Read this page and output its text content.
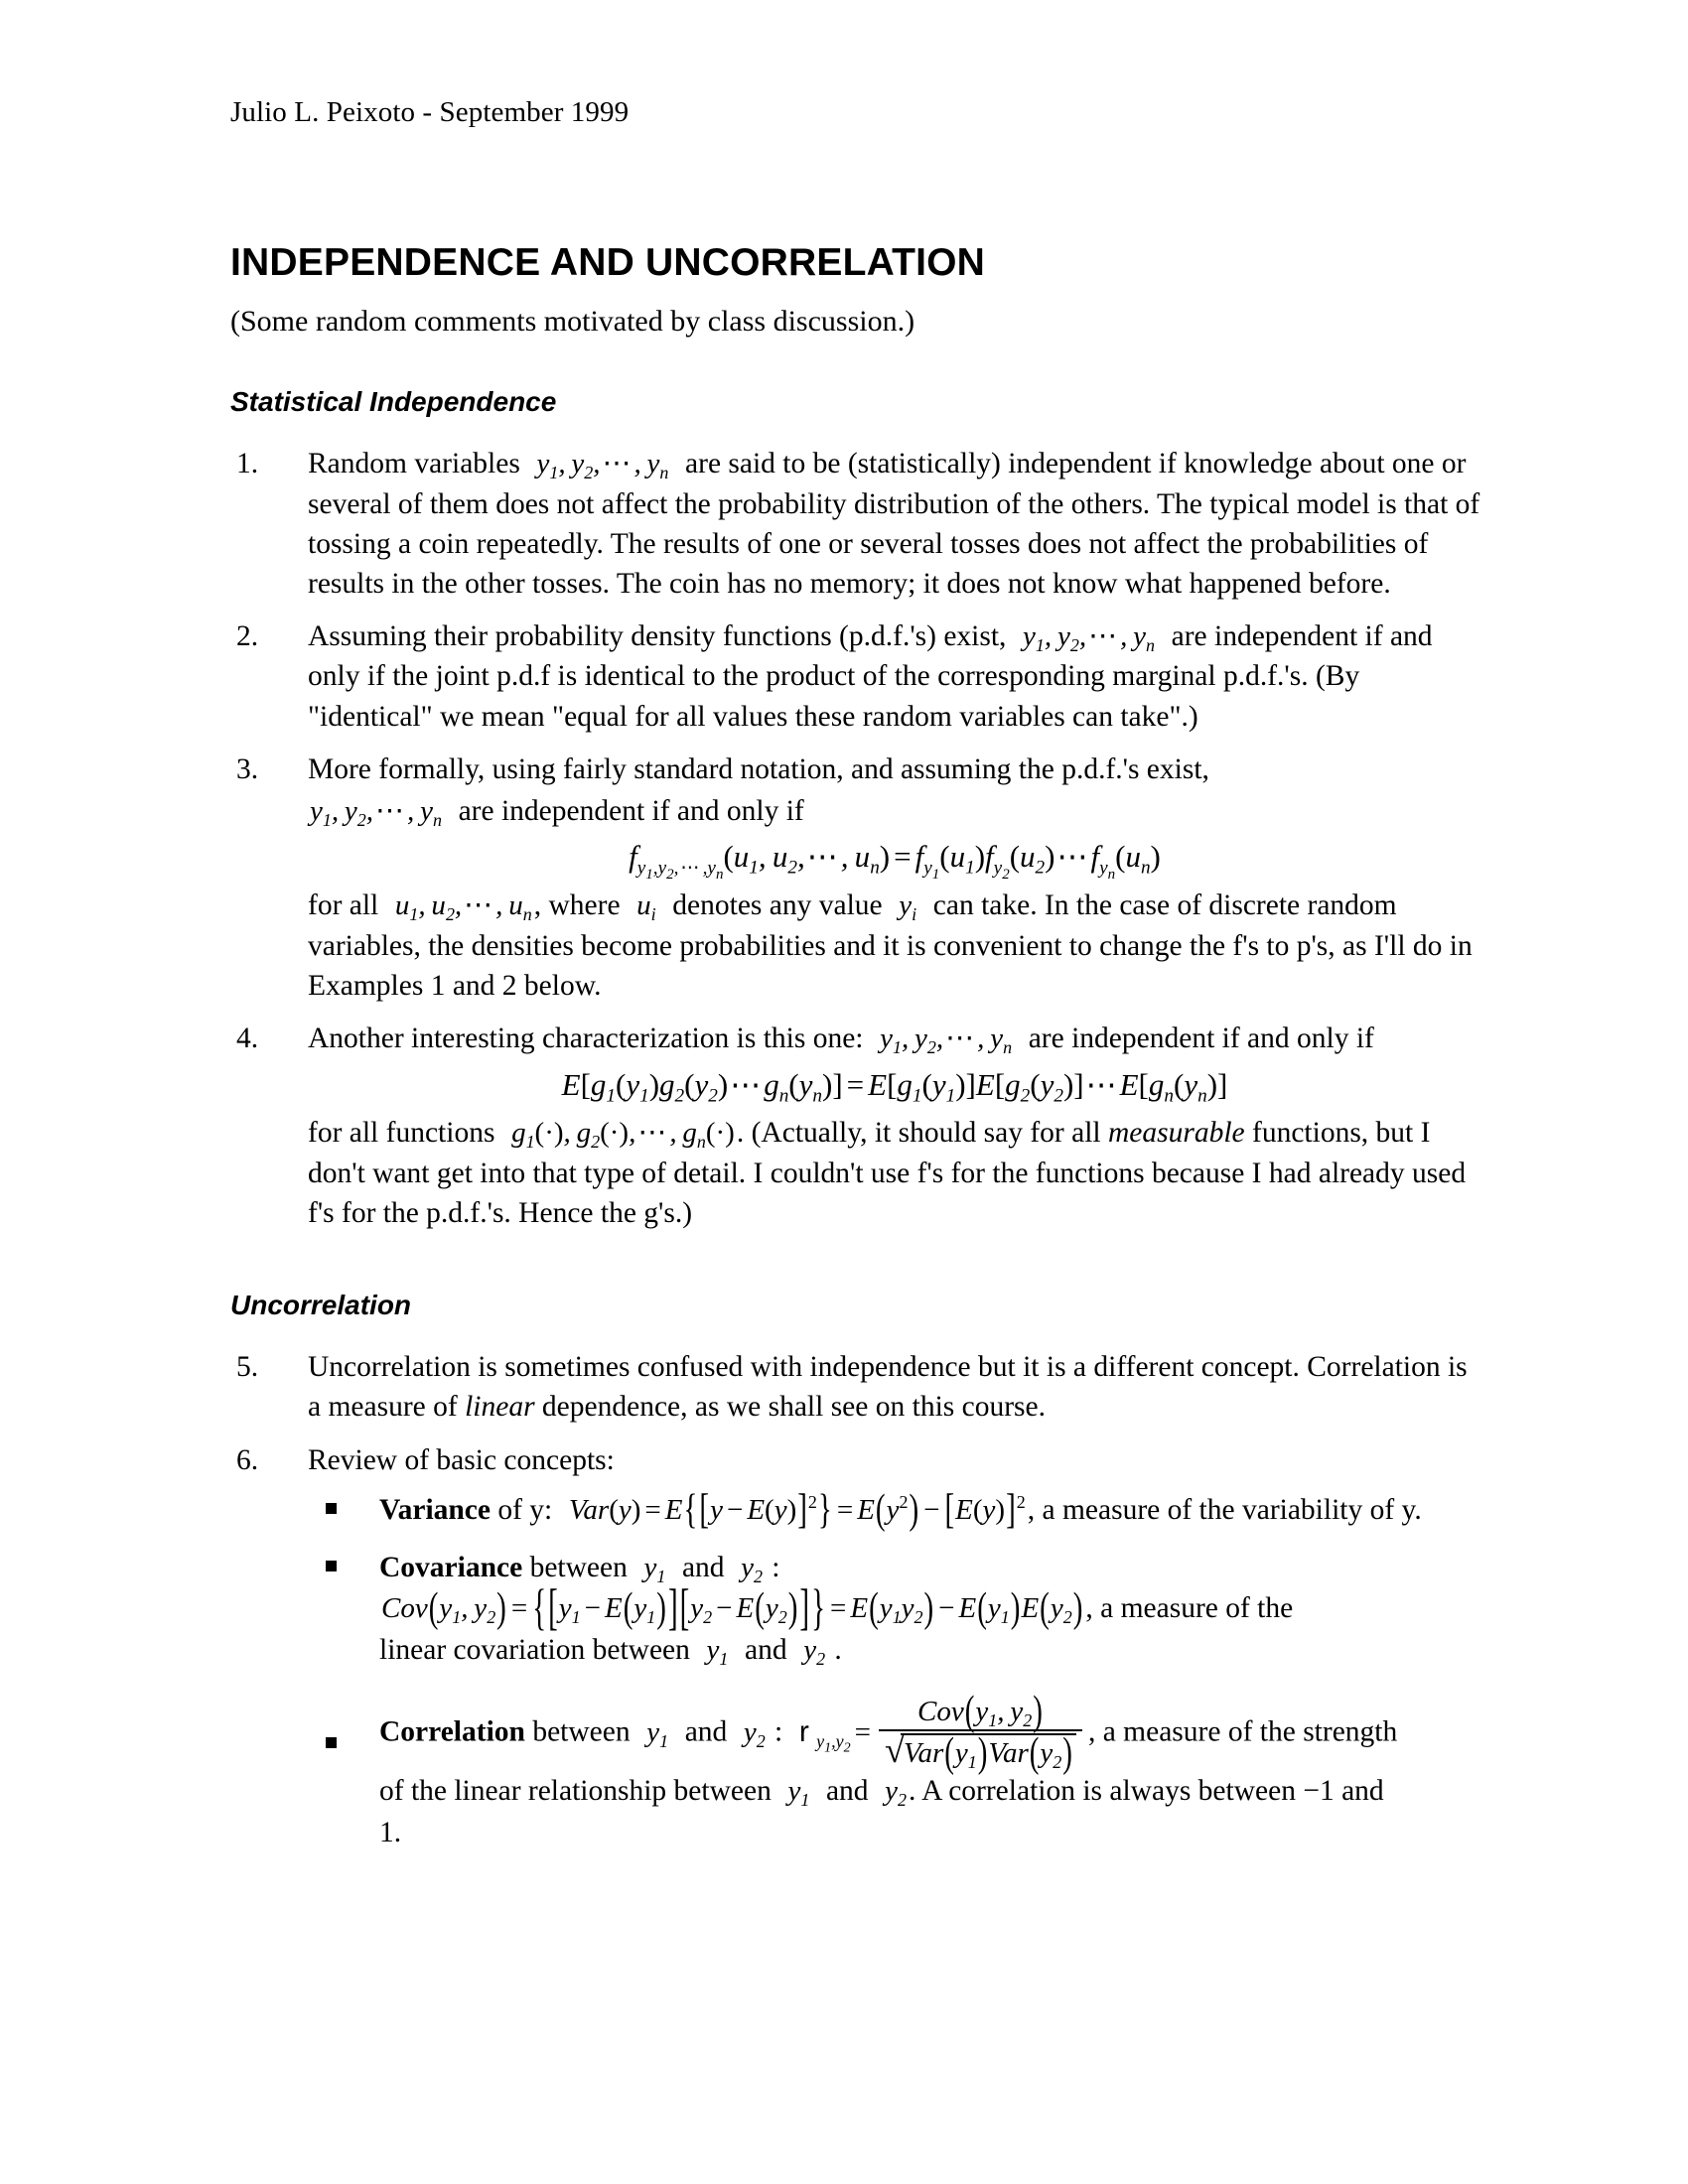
Julio L. Peixoto - September 1999
INDEPENDENCE AND UNCORRELATION
(Some random comments motivated by class discussion.)
Statistical Independence
1.	Random variables  $y_1$, $y_2,\cdots$, $y_n$ are said to be (statistically) independent if knowledge about one or several of them does not affect the probability distribution of the others. The typical model is that of tossing a coin repeatedly. The results of one or several tosses does not affect the probabilities of results in the other tosses. The coin has no memory; it does not know what happened before.

2.	Assuming their probability density functions (p.d.f.'s) exist,  $y_1$, $y_2,\cdots$, $y_n$ are independent if and only if the joint p.d.f is identical to the product of the corresponding marginal p.d.f.'s. (By "identical" we mean "equal for all values these random variables can take".)

3.	More formally, using fairly standard notation, and assuming the p.d.f.'s exist,

$y_1$, $y_2,\cdots$, $y_n$ are independent if and only if

$f_{y_1,y_2, \cdots ,y_n}(u_1$, $u_2,\cdots$, $u_n$) = $f_{y_1}(u_1)f_{y_2}(u_2)\cdots f_{y_n}(u_n)$

for all  $u_1$, $u_2,\cdots$, $u_n$, where  $u_i$ denotes any value  $y_i$ can take. In the case of discrete random variables, the densities become probabilities and it is convenient to change the f's to p's, as I'll do in Examples 1 and 2 below.

4.	Another interesting characterization is this one:  $y_1$, $y_2,\cdots$, $y_n$ are independent if and only if

$E[g_1(y_1)g_2(y_2)\cdots g_n(y_n)]$ = $E[g_1(y_1)]E[g_2(y_2)]\cdots E[g_n(y_n)]$

for all functions  $g_1(\cdot)$, $g_2(\cdot),\cdots$, $g_n(\cdot)$. (Actually, it should say for all measurable functions, but I don't want get into that type of detail. I couldn't use f's for the functions because I had already used f's for the p.d.f.'s. Hence the g's.)

Uncorrelation
5.	Uncorrelation is sometimes confused with independence but it is a different concept. Correlation is a measure of linear dependence, as we shall see on this course.

6.	Review of basic concepts:

Variance of y:  $Var(y) = E\{[y - E(y)]^2\} = E(y^2) - [E(y)]^2$, a measure of the variability of y.
Covariance between  $y_1$ and  $y_2$ :
$Cov(y_1$, $y_2) = \{[y_1 - E(y_1)][y_2 - E(y_2)]\} = E(y_1y_2) - E(y_1)E(y_2)$ , a measure of the
linear covariation between  $y_1$ and  $y_2$ .
Correlation between  $y_1$ and  $y_2$ : r $_{y_1,y_2}= \frac{Cov(y_1, y_2)}{√ Var(y_1)Var(y_2)}$ , a measure of the strength
of the linear relationship between  $y_1$ and  $y_2$. A correlation is always between −1 and
1.
